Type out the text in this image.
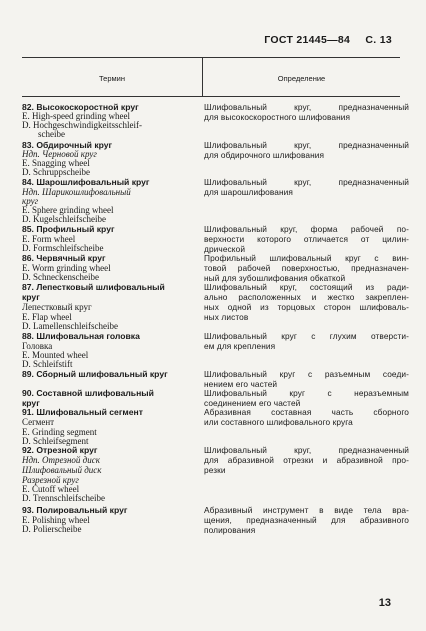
ГОСТ 21445—84 С. 13
Термин	Определение
82. Высокоскоростной круг
E. High-speed grinding wheel
D. Hochgeschwindigkeitsschleif-
scheibe
83. Обдирочный круг
Ндп. Черновой круг
E. Snagging wheel
D. Schruppscheibe
84. Шарошлифовальный круг
Ндп. Шарикошлифовальный
круг
E. Sphere grinding wheel
D. Kugelschleifscheibe
85. Профильный круг
E. Form wheel
D. Formschleifscheibe
86. Червячный круг
E. Worm grinding wheel
D. Schneckenscheibe
87. Лепестковый шлифовальный
круг
Лепестковый круг
E. Flap wheel
D. Lamellenschleifscheibe
88. Шлифовальная головка
Головка
E. Mounted wheel
D. Schleifstift
89. Сборный шлифовальный круг
90. Составной шлифовальный
круг
91. Шлифовальный сегмент
Сегмент
E. Grinding segment
D. Schleifsegment
92. Отрезной круг
Ндп. Отрезной диск
Шлифовальный диск
Разрезной круг
E. Cutoff wheel
D. Trennschleifscheibe
93. Полировальный круг
E. Polishing wheel
D. Polierscheibe
Шлифовальный круг, предназначенный
для высокоскоростного шлифования
Шлифовальный круг, предназначенный
для обдирочного шлифования
Шлифовальный круг, предназначенный
для шарошлифования
Шлифовальный круг, форма рабочей по-
верхности которого отличается от цилин-
дрической
Профильный шлифовальный круг с вин-
товой рабочей поверхностью, предназначен-
ный для зубошлифования обкаткой
Шлифовальный круг, состоящий из ради-
ально расположенных и жестко закреплен-
ных одной из торцовых сторон шлифоваль-
ных листов
Шлифовальный круг с глухим отверсти-
ем для крепления
Шлифовальный круг с разъемным соеди-
нением его частей
Шлифовальный круг с неразъемным
соединением его частей
Абразивная составная часть сборного
или составного шлифовального круга
Шлифовальный круг, предназначенный
для абразивной отрезки и абразивной про-
резки
Абразивный инструмент в виде тела вра-
щения, предназначенный для абразивного
полирования
13
